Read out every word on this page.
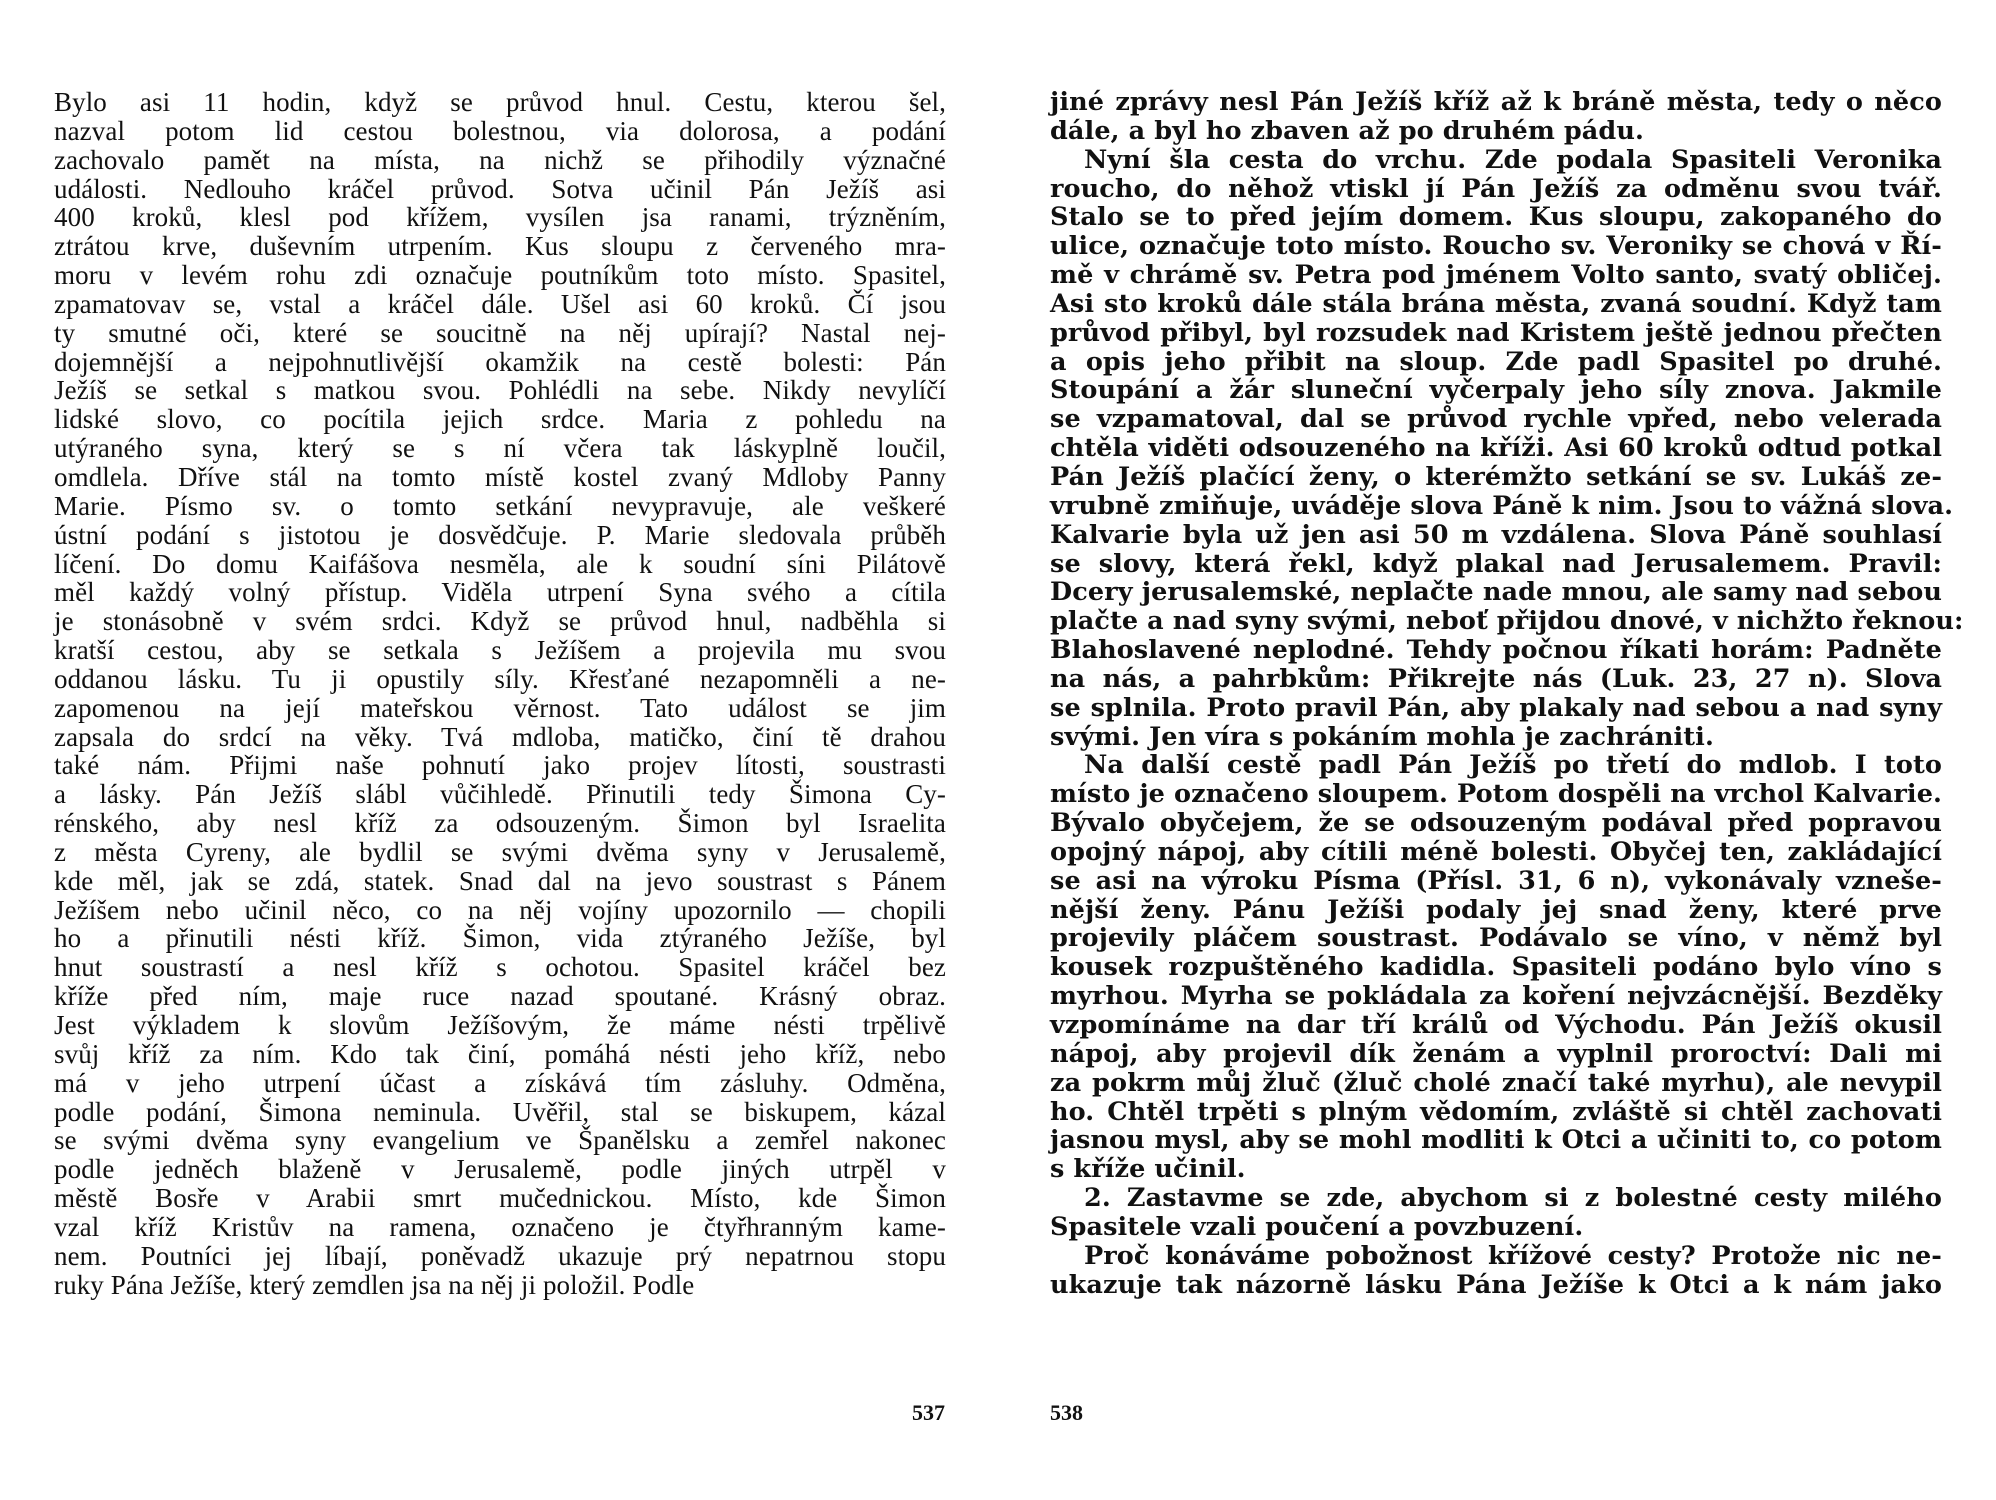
Bylo asi 11 hodin, když se průvod hnul. Cestu, kterou šel,
nazval potom lid cestou bolestnou, via dolorosa, a podání
zachovalo pamět na místa, na nichž se přihodily význačné
události. Nedlouho kráčel průvod. Sotva učinil Pán Ježíš asi
400 kroků, klesl pod křížem, vysílen jsa ranami, trýzněním,
ztrátou krve, duševním utrpením. Kus sloupu z červeného mra-
moru v levém rohu zdi označuje poutníkům toto místo. Spasitel,
zpamatovav se, vstal a kráčel dále. Ušel asi 60 kroků. Čí jsou
ty smutné oči, které se soucitně na něj upírají? Nastal nej-
dojemnější a nejpohnutlivější okamžik na cestě bolesti: Pán
Ježíš se setkal s matkou svou. Pohlédli na sebe. Nikdy nevylíčí
lidské slovo, co pocítila jejich srdce. Maria z pohledu na
utýraného syna, který se s ní včera tak láskyplně loučil,
omdlela. Dříve stál na tomto místě kostel zvaný Mdloby Panny
Marie. Písmo sv. o tomto setkání nevypravuje, ale veškeré
ústní podání s jistotou je dosvědčuje. P. Marie sledovala průběh
líčení. Do domu Kaifášova nesměla, ale k soudní síni Pilátově
měl každý volný přístup. Viděla utrpení Syna svého a cítila
je stonásobně v svém srdci. Když se průvod hnul, nadběhla si
kratší cestou, aby se setkala s Ježíšem a projevila mu svou
oddanou lásku. Tu ji opustily síly. Křesťané nezapomněli a ne-
zapomenou na její mateřskou věrnost. Tato událost se jim
zapsala do srdcí na věky. Tvá mdloba, matičko, činí tě drahou
také nám. Přijmi naše pohnutí jako projev lítosti, soustrasti
a lásky. Pán Ježíš slábl vůčihledě. Přinutili tedy Šimona Cy-
rénského, aby nesl kříž za odsouzeným. Šimon byl Israelita
z města Cyreny, ale bydlil se svými dvěma syny v Jerusalemě,
kde měl, jak se zdá, statek. Snad dal na jevo soustrast s Pánem
Ježíšem nebo učinil něco, co na něj vojíny upozornilo — chopili
ho a přinutili nésti kříž. Šimon, vida ztýraného Ježíše, byl
hnut soustrastí a nesl kříž s ochotou. Spasitel kráčel bez
kříže před ním, maje ruce nazad spoutané. Krásný obraz.
Jest výkladem k slovům Ježíšovým, že máme nésti trpělivě
svůj kříž za ním. Kdo tak činí, pomáhá nésti jeho kříž, nebo
má v jeho utrpení účast a získává tím zásluhy. Odměna,
podle podání, Šimona neminula. Uvěřil, stal se biskupem, kázal
se svými dvěma syny evangelium ve Španělsku a zemřel nakonec
podle jedněch blaženě v Jerusalemě, podle jiných utrpěl v
městě Bosře v Arabii smrt mučednickou. Místo, kde Šimon
vzal kříž Kristův na ramena, označeno je čtyřhranným kame-
nem. Poutníci jej líbají, poněvadž ukazuje prý nepatrnou stopu
ruky Pána Ježíše, který zemdlen jsa na něj ji položil. Podle
537
jiné zprávy nesl Pán Ježíš kříž až k bráně města, tedy o něco
dále, a byl ho zbaven až po druhém pádu.
Nyní šla cesta do vrchu. Zde podala Spasiteli Veronika
roucho, do něhož vtiskl jí Pán Ježíš za odměnu svou tvář.
Stalo se to před jejím domem. Kus sloupu, zakopaného do
ulice, označuje toto místo. Roucho sv. Veroniky se chová v Ří-
mě v chrámě sv. Petra pod jménem Volto santo, svatý obličej.
Asi sto kroků dále stála brána města, zvaná soudní. Když tam
průvod přibyl, byl rozsudek nad Kristem ještě jednou přečten
a opis jeho přibit na sloup. Zde padl Spasitel po druhé.
Stoupání a žár sluneční vyčerpaly jeho síly znova. Jakmile
se vzpamatoval, dal se průvod rychle vpřed, nebo velerada
chtěla viděti odsouzeného na kříži. Asi 60 kroků odtud potkal
Pán Ježíš plačící ženy, o kterémžto setkání se sv. Lukáš ze-
vrubně zmiňuje, uváděje slova Páně k nim. Jsou to vážná slova.
Kalvarie byla už jen asi 50 m vzdálena. Slova Páně souhlasí
se slovy, která řekl, když plakal nad Jerusalemem. Pravil:
Dcery jerusalemské, neplačte nade mnou, ale samy nad sebou
plačte a nad syny svými, neboť přijdou dnové, v nichžto řeknou:
Blahoslavené neplodné. Tehdy počnou říkati horám: Padněte
na nás, a pahrbkům: Přikrejte nás (Luk. 23, 27 n). Slova
se splnila. Proto pravil Pán, aby plakaly nad sebou a nad syny
svými. Jen víra s pokáním mohla je zachrániti.
Na další cestě padl Pán Ježíš po třetí do mdlob. I toto
místo je označeno sloupem. Potom dospěli na vrchol Kalvarie.
Bývalo obyčejem, že se odsouzeným podával před popravou
opojný nápoj, aby cítili méně bolesti. Obyčej ten, zakládající
se asi na výroku Písma (Přísl. 31, 6 n), vykonávaly vzneše-
nější ženy. Pánu Ježíši podaly jej snad ženy, které prve
projevily pláčem soustrast. Podávalo se víno, v němž byl
kousek rozpuštěného kadidla. Spasiteli podáno bylo víno s
myrhou. Myrha se pokládala za koření nejvzácnější. Bezděky
vzpomínáme na dar tří králů od Východu. Pán Ježíš okusil
nápoj, aby projevil dík ženám a vyplnil proroctví: Dali mi
za pokrm můj žluč (žluč cholé značí také myrhu), ale nevypil
ho. Chtěl trpěti s plným vědomím, zvláště si chtěl zachovati
jasnou mysl, aby se mohl modliti k Otci a učiniti to, co potom
s kříže učinil.
2. Zastavme se zde, abychom si z bolestné cesty milého
Spasitele vzali poučení a povzbuzení.
Proč konáváme pobožnost křížové cesty? Protože nic ne-
ukazuje tak názorně lásku Pána Ježíše k Otci a k nám jako
538
